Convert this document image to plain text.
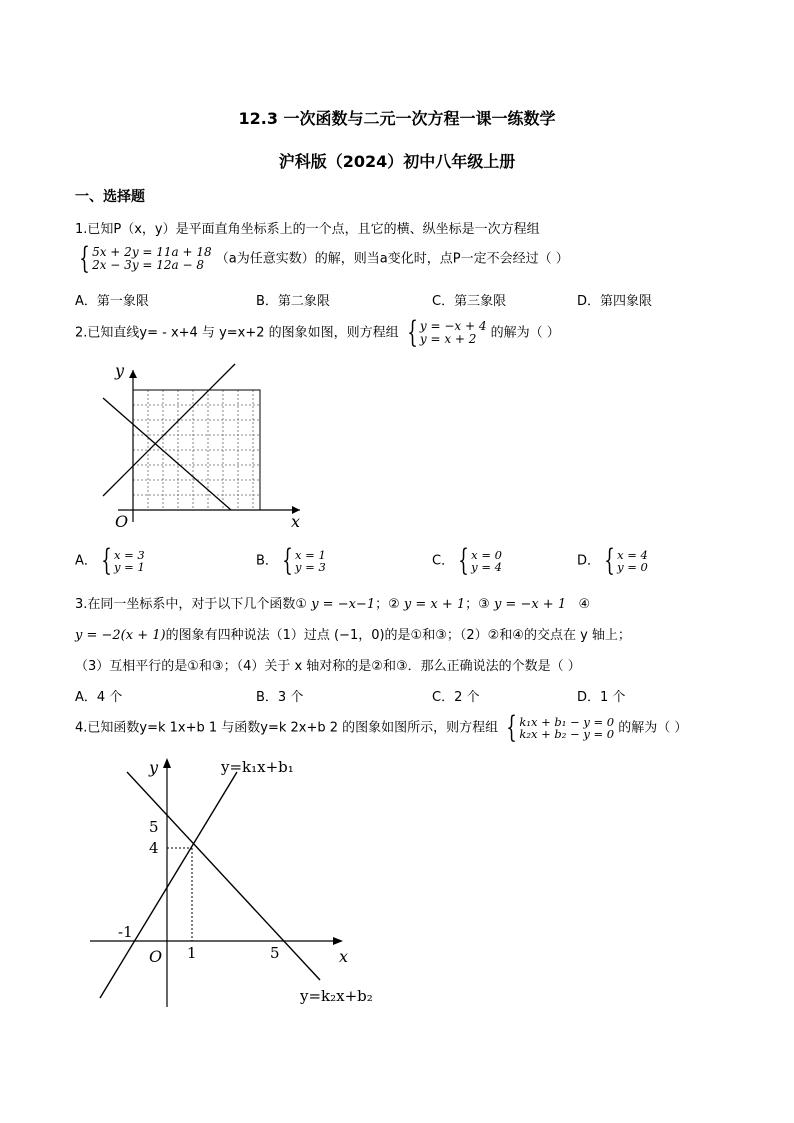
12.3 一次函数与二元一次方程一课一练数学
沪科版（2024）初中八年级上册
一、选择题
1.已知P（x，y）是平面直角坐标系上的一个点，且它的横、纵坐标是一次方程组
{ 5x + 2y = 11a + 18
2x − 3y = 12a − 8 （a为任意实数）的解，则当a变化时，点P一定不会经过（ ）
A．第一象限	B．第二象限	C．第三象限	D．第四象限
2.已知直线y= - x+4 与 y=x+2 的图象如图，则方程组 { y = −x + 4
y = x + 2	的解为（ ）
x
y
O
A． { x = 3
y = 1	B． { x = 1
y = 3	C． { x = 0
y = 4	D． { x = 4
y = 0
3.在同一坐标系中，对于以下几个函数① y = −x−1；② y = x + 1；③ y = −x + 1 ④
y = −2(x + 1)的图象有四种说法（1）过点 (−1，0)的是①和③；（2）②和④的交点在 y 轴上；
（3）互相平行的是①和③；（4）关于 x 轴对称的是②和③．那么正确说法的个数是（ ）
A．4 个	B．3 个	C．2 个	D．1 个
4.已知函数y=k 1x+b 1 与函数y=k 2x+b 2 的图象如图所示，则方程组 { k₁x + b₁ − y = 0
k₂x + b₂ − y = 0 的解为（ ）
y=k₁x+b₁
y=k₂x+b₂
y
x
O
5
4
-1
1	5
